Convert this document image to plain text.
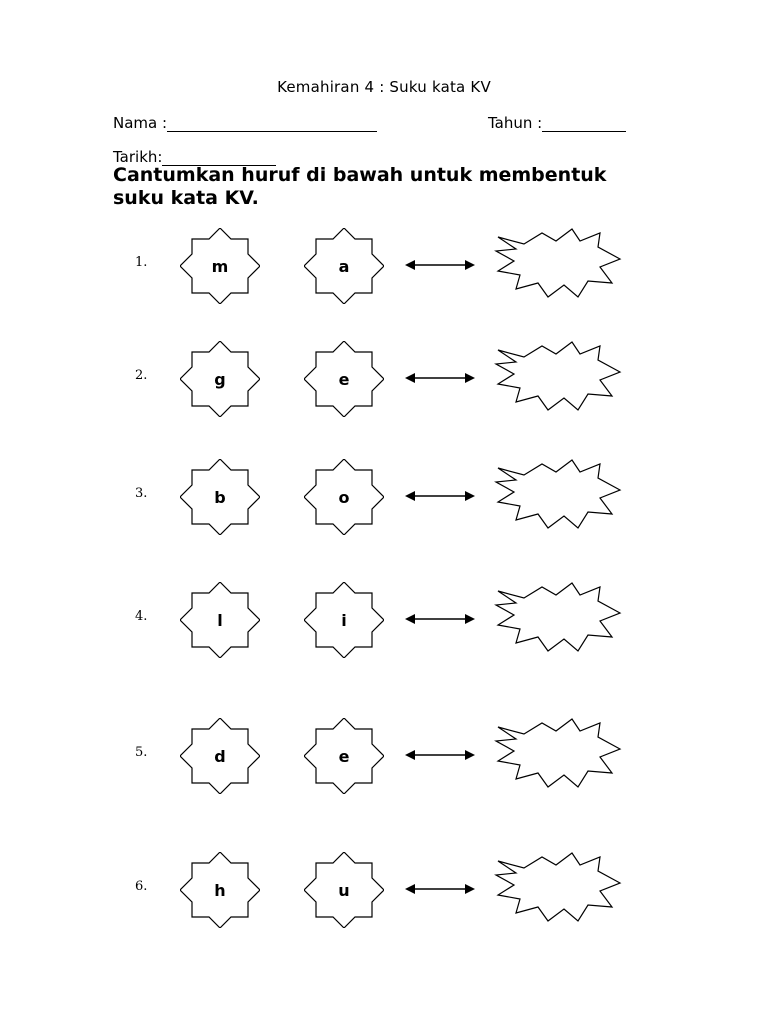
Kemahiran 4 : Suku kata KV
Nama :	Tahun :
Tarikh:
Cantumkan huruf di bawah untuk membentuk suku kata KV.
1.	m	a
2.	g	e
3.	b	o
4.	l	i
5.	d	e
6.	h	u
